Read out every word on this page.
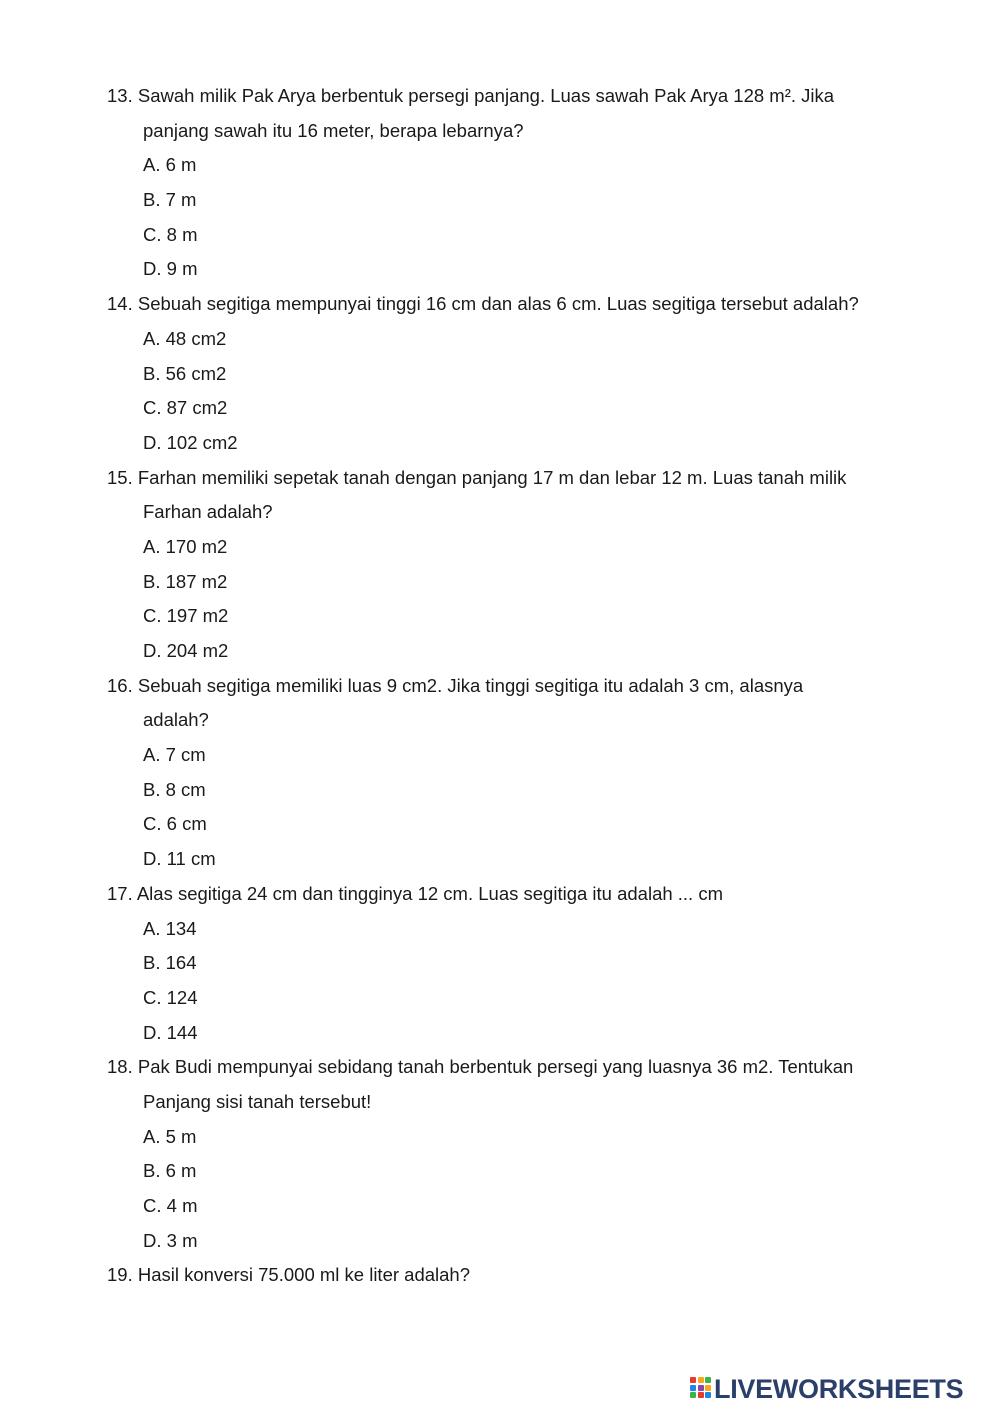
13. Sawah milik Pak Arya berbentuk persegi panjang. Luas sawah Pak Arya 128 m². Jika
panjang sawah itu 16 meter, berapa lebarnya?
A. 6 m
B. 7 m
C. 8 m
D. 9 m
14. Sebuah segitiga mempunyai tinggi 16 cm dan alas 6 cm. Luas segitiga tersebut adalah?
A. 48 cm2
B. 56 cm2
C. 87 cm2
D. 102 cm2
15. Farhan memiliki sepetak tanah dengan panjang 17 m dan lebar 12 m. Luas tanah milik
Farhan adalah?
A. 170 m2
B. 187 m2
C. 197 m2
D. 204 m2
16. Sebuah segitiga memiliki luas 9 cm2. Jika tinggi segitiga itu adalah 3 cm, alasnya
adalah?
A. 7 cm
B. 8 cm
C. 6 cm
D. 11 cm
17. Alas segitiga 24 cm dan tingginya 12 cm. Luas segitiga itu adalah ... cm
A. 134
B. 164
C. 124
D. 144
18. Pak Budi mempunyai sebidang tanah berbentuk persegi yang luasnya 36 m2. Tentukan
Panjang sisi tanah tersebut!
A. 5 m
B. 6 m
C. 4 m
D. 3 m
19. Hasil konversi 75.000 ml ke liter adalah?
LIVEWORKSHEETS
